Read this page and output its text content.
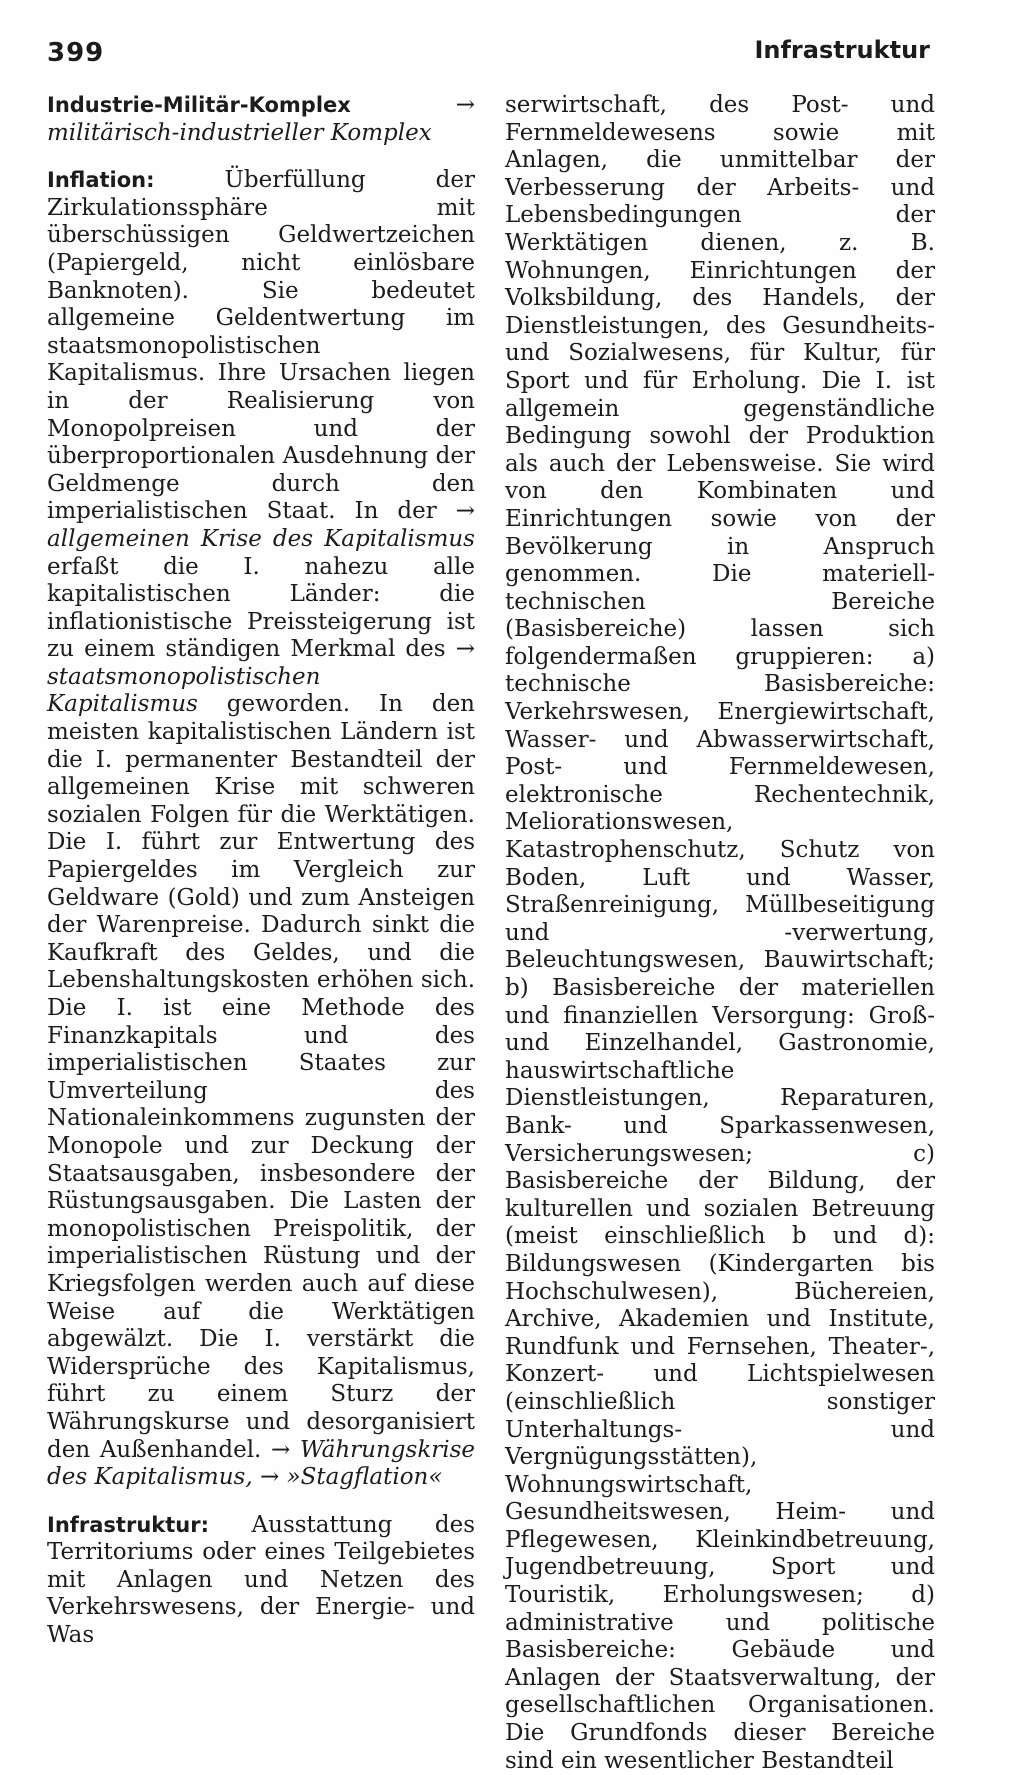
399	Infrastruktur

Industrie-Militär-Komplex	→ militärisch-industrieller Komplex

Inflation:	Überfüllung der Zirkulationssphäre mit überschüssigen Geldwertzeichen (Papiergeld, nicht einlösbare Banknoten). Sie bedeutet allgemeine Geldentwertung im staatsmonopolistischen Kapitalismus. Ihre Ursachen liegen in der Realisierung von Monopolpreisen und der überproportionalen Ausdehnung der Geldmenge durch den imperialistischen Staat. In der → allgemeinen Krise des Kapitalismus erfaßt die I. nahezu alle kapitalistischen Länder: die inflationistische Preissteigerung ist zu einem ständigen Merkmal des → staatsmonopolistischen Kapitalismus geworden. In den meisten kapitalistischen Ländern ist die I. permanenter Bestandteil der allgemeinen Krise mit schweren sozialen Folgen für die Werktätigen. Die I. führt zur Entwertung des Papiergeldes im Vergleich zur Geldware (Gold) und zum Ansteigen der Warenpreise. Dadurch sinkt die Kaufkraft des Geldes, und die Lebenshaltungskosten erhöhen sich. Die I. ist eine Methode des Finanzkapitals und des imperialistischen Staates zur Umverteilung des Nationaleinkommens zugunsten der Monopole und zur Deckung der Staatsausgaben, insbesondere der Rüstungsausgaben. Die Lasten der monopolistischen Preispolitik, der imperialistischen Rüstung und der Kriegsfolgen werden auch auf diese Weise auf die Werktätigen abgewälzt. Die I. verstärkt die Widersprüche des Kapitalismus, führt zu einem Sturz der Währungskurse und desorganisiert den Außenhandel. → Währungskrise des Kapitalismus, → »Stagflation«

Infrastruktur: Ausstattung des Territoriums oder eines Teilgebietes mit Anlagen und Netzen des Verkehrswesens, der Energie- und Was

serwirtschaft, des Post- und Fernmeldewesens sowie mit Anlagen, die unmittelbar der Verbesserung der Arbeits- und Lebensbedingungen der Werktätigen dienen, z. B. Wohnungen, Einrichtungen der Volksbildung, des Handels, der Dienstleistungen, des Gesundheits- und Sozialwesens, für Kultur, für Sport und für Erholung. Die I. ist allgemein gegenständliche Bedingung sowohl der Produktion als auch der Lebensweise. Sie wird von den Kombinaten und Einrichtungen sowie von der Bevölkerung in Anspruch genommen. Die materiell-technischen Bereiche (Basisbereiche) lassen sich folgendermaßen gruppieren: a) technische Basisbereiche: Verkehrswesen, Energiewirtschaft, Wasser- und Abwasserwirtschaft, Post- und Fernmeldewesen, elektronische Rechentechnik, Meliorationswesen, Katastrophenschutz, Schutz von Boden, Luft und Wasser, Straßenreinigung, Müllbeseitigung und -verwertung, Beleuchtungswesen, Bauwirtschaft; b) Basisbereiche der materiellen und finanziellen Versorgung: Groß- und Einzelhandel, Gastronomie, hauswirtschaftliche Dienstleistungen, Reparaturen, Bank- und Sparkassenwesen, Versicherungswesen; c) Basisbereiche der Bildung, der kulturellen und sozialen Betreuung (meist einschließlich b und d): Bildungswesen (Kindergarten bis Hochschulwesen), Büchereien, Archive, Akademien und Institute, Rundfunk und Fernsehen, Theater-, Konzert- und Lichtspielwesen (einschließlich sonstiger Unterhaltungs- und Vergnügungsstätten), Wohnungswirtschaft, Gesundheitswesen, Heim- und Pflegewesen, Kleinkindbetreuung, Jugendbetreuung, Sport und Touristik, Erholungswesen; d) administrative und politische Basisbereiche: Gebäude und Anlagen der Staatsverwaltung, der gesellschaftlichen Organisationen. Die Grundfonds dieser Bereiche sind ein wesentlicher Bestandteil
